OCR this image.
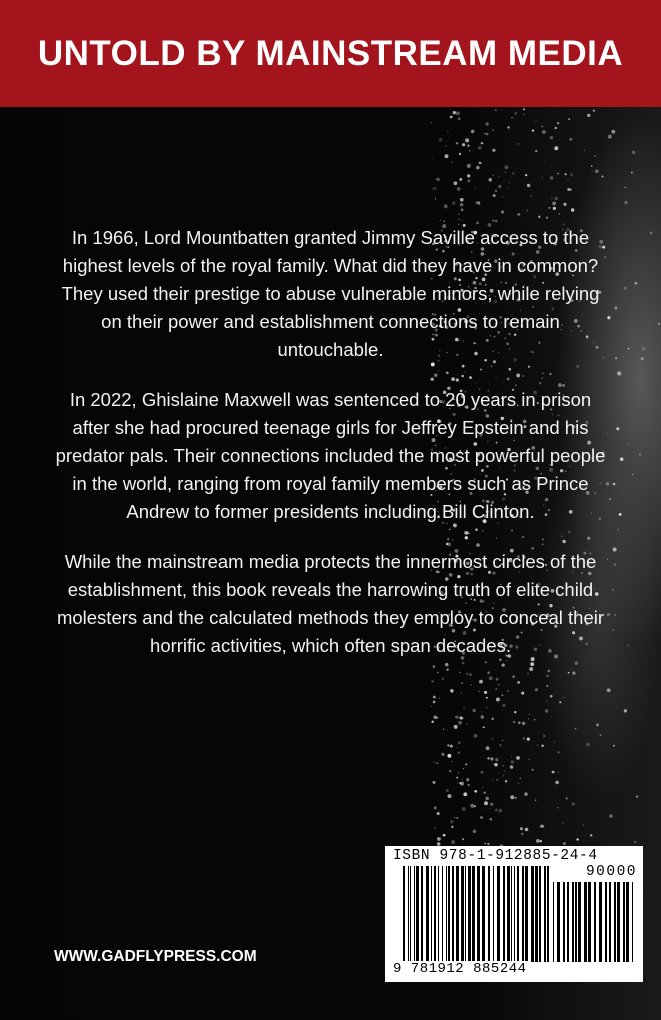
UNTOLD BY MAINSTREAM MEDIA

In 1966, Lord Mountbatten granted Jimmy Saville access to the highest levels of the royal family. What did they have in common? They used their prestige to abuse vulnerable minors, while relying on their power and establishment connections to remain untouchable.

In 2022, Ghislaine Maxwell was sentenced to 20 years in prison after she had procured teenage girls for Jeffrey Epstein and his predator pals. Their connections included the most powerful people in the world, ranging from royal family members such as Prince Andrew to former presidents including Bill Clinton.

While the mainstream media protects the innermost circles of the establishment, this book reveals the harrowing truth of elite child molesters and the calculated methods they employ to conceal their horrific activities, which often span decades.

WWW.GADFLYPRESS.COM
ISBN 978-1-912885-24-4
90000
9 781912 885244
